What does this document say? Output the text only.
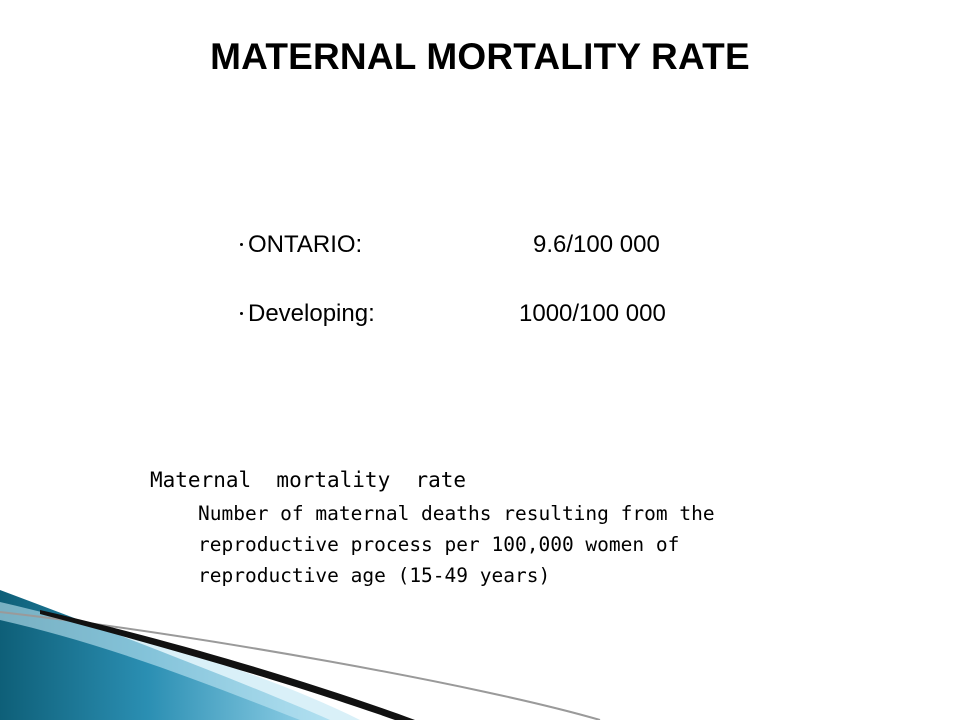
MATERNAL MORTALITY RATE
ONTARIO:	9.6/100 000
Developing:	1000/100 000
Maternal  mortality  rate
Number of maternal deaths resulting from the reproductive process per 100,000 women of reproductive age (15-49 years)
